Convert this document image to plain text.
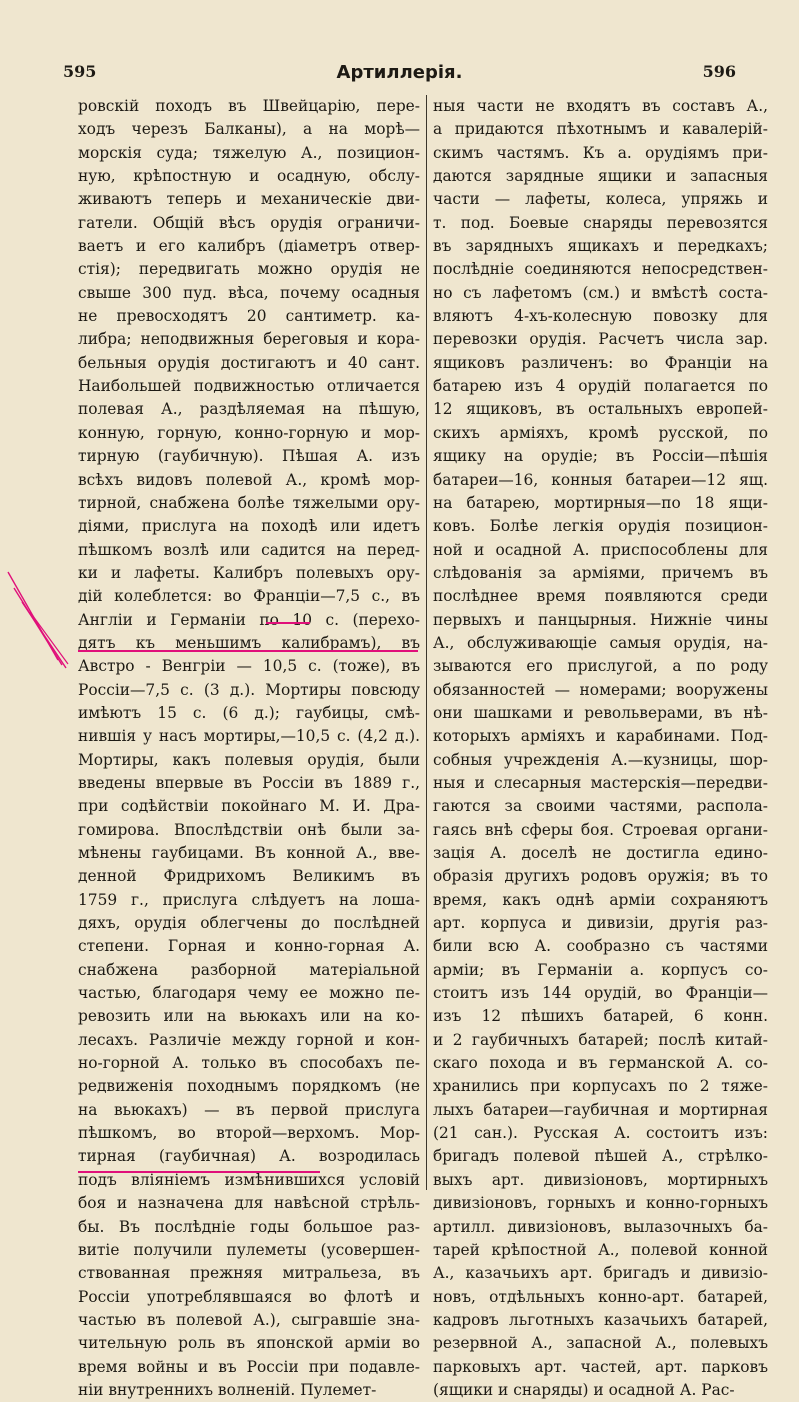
595	Артиллерія.	596
ровскій походъ въ Швейцарію, пере-
ходъ черезъ Балканы), а на морѣ—
морскія суда; тяжелую А., позицион-
ную, крѣпостную и осадную, обслу-
живаютъ теперь и механическіе дви-
гатели. Общій вѣсъ орудія ограничи-
ваетъ и его калибръ (діаметръ отвер-
стія); передвигать можно орудія не
свыше 300 пуд. вѣса, почему осадныя
не превосходятъ 20 сантиметр. ка-
либра; неподвижныя береговыя и кора-
бельныя орудія достигаютъ и 40 сант.
Наибольшей подвижностью отличается
полевая А., раздѣляемая на пѣшую,
конную, горную, конно-горную и мор-
тирную (гаубичную). Пѣшая А. изъ
всѣхъ видовъ полевой А., кромѣ мор-
тирной, снабжена болѣе тяжелыми ору-
діями, прислуга на походѣ или идетъ
пѣшкомъ возлѣ или садится на перед-
ки и лафеты. Калибръ полевыхъ ору-
дій колеблется: во Франціи—7,5 с., въ
Англіи и Германіи по 10 с. (перехо-
дятъ къ меньшимъ калибрамъ), въ
Австро - Венгріи — 10,5 с. (тоже), въ
Россіи—7,5 с. (3 д.). Мортиры повсюду
имѣютъ 15 с. (6 д.); гаубицы, смѣ-
нившія у насъ мортиры,—10,5 с. (4,2 д.).
Мортиры, какъ полевыя орудія, были
введены впервые въ Россіи въ 1889 г.,
при содѣйствіи покойнаго М. И. Дра-
гомирова. Впослѣдствіи онѣ были за-
мѣнены гаубицами. Въ конной А., вве-
денной Фридрихомъ Великимъ въ
1759 г., прислуга слѣдуетъ на лоша-
дяхъ, орудія облегчены до послѣдней
степени. Горная и конно-горная А.
снабжена разборной матеріальной
частью, благодаря чему ее можно пе-
ревозить или на вьюкахъ или на ко-
лесахъ. Различіе между горной и кон-
но-горной А. только въ способахъ пе-
редвиженія походнымъ порядкомъ (не
на вьюкахъ) — въ первой прислуга
пѣшкомъ, во второй—верхомъ. Мор-
тирная (гаубичная) А. возродилась
подъ вліяніемъ измѣнившихся условій
боя и назначена для навѣсной стрѣль-
бы. Въ послѣдніе годы большое раз-
витіе получили пулеметы (усовершен-
ствованная прежняя митральеза, въ
Россіи употреблявшаяся во флотѣ и
частью въ полевой А.), сыгравшіе зна-
чительную роль въ японской арміи во
время войны и въ Россіи при подавле-
ніи внутреннихъ волненій. Пулемет-
ныя части не входятъ въ составъ А.,
а придаются пѣхотнымъ и кавалерій-
скимъ частямъ. Къ а. орудіямъ при-
даются зарядные ящики и запасныя
части — лафеты, колеса, упряжь и
т. под. Боевые снаряды перевозятся
въ зарядныхъ ящикахъ и передкахъ;
послѣдніе соединяются непосредствен-
но съ лафетомъ (см.) и вмѣстѣ соста-
вляютъ 4-хъ-колесную повозку для
перевозки орудія. Расчетъ числа зар.
ящиковъ различенъ: во Франціи на
батарею изъ 4 орудій полагается по
12 ящиковъ, въ остальныхъ европей-
скихъ арміяхъ, кромѣ русской, по
ящику на орудіе; въ Россіи—пѣшія
батареи—16, конныя батареи—12 ящ.
на батарею, мортирныя—по 18 ящи-
ковъ. Болѣе легкія орудія позицион-
ной и осадной А. приспособлены для
слѣдованія за арміями, причемъ въ
послѣднее время появляются среди
первыхъ и панцырныя. Нижніе чины
А., обслуживающіе самыя орудія, на-
зываются его прислугой, а по роду
обязанностей — номерами; вооружены
они шашками и револьверами, въ нѣ-
которыхъ арміяхъ и карабинами. Под-
собныя учрежденія А.—кузницы, шор-
ныя и слесарныя мастерскія—передви-
гаются за своими частями, распола-
гаясь внѣ сферы боя. Строевая органи-
зація А. доселѣ не достигла едино-
образія другихъ родовъ оружія; въ то
время, какъ однѣ арміи сохраняютъ
арт. корпуса и дивизіи, другія раз-
били всю А. сообразно съ частями
арміи; въ Германіи а. корпусъ со-
стоитъ изъ 144 орудій, во Франціи—
изъ 12 пѣшихъ батарей, 6 конн.
и 2 гаубичныхъ батарей; послѣ китай-
скаго похода и въ германской А. со-
хранились при корпусахъ по 2 тяже-
лыхъ батареи—гаубичная и мортирная
(21 сан.). Русская А. состоитъ изъ:
бригадъ полевой пѣшей А., стрѣлко-
выхъ арт. дивизіоновъ, мортирныхъ
дивизіоновъ, горныхъ и конно-горныхъ
артилл. дивизіоновъ, вылазочныхъ ба-
тарей крѣпостной А., полевой конной
А., казачьихъ арт. бригадъ и дивизіо-
новъ, отдѣльныхъ конно-арт. батарей,
кадровъ льготныхъ казачьихъ батарей,
резервной А., запасной А., полевыхъ
парковыхъ арт. частей, арт. парковъ
(ящики и снаряды) и осадной А. Рас-
